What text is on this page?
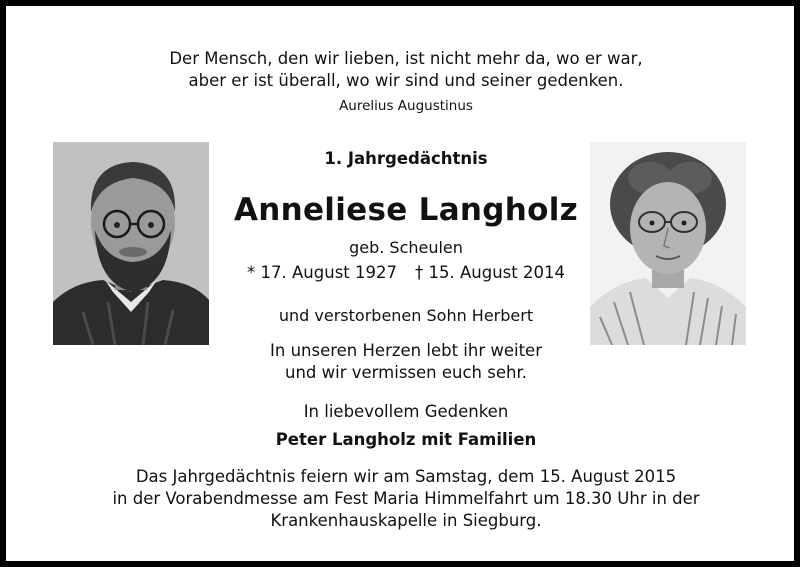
Der Mensch, den wir lieben, ist nicht mehr da, wo er war,
aber er ist überall, wo wir sind und seiner gedenken.
Aurelius Augustinus
1. Jahrgedächtnis
Anneliese Langholz
geb. Scheulen
* 17. August 1927 † 15. August 2014
und verstorbenen Sohn Herbert
In unseren Herzen lebt ihr weiter
und wir vermissen euch sehr.
In liebevollem Gedenken
Peter Langholz mit Familien
Das Jahrgedächtnis feiern wir am Samstag, dem 15. August 2015
in der Vorabendmesse am Fest Maria Himmelfahrt um 18.30 Uhr in der
Krankenhauskapelle in Siegburg.
